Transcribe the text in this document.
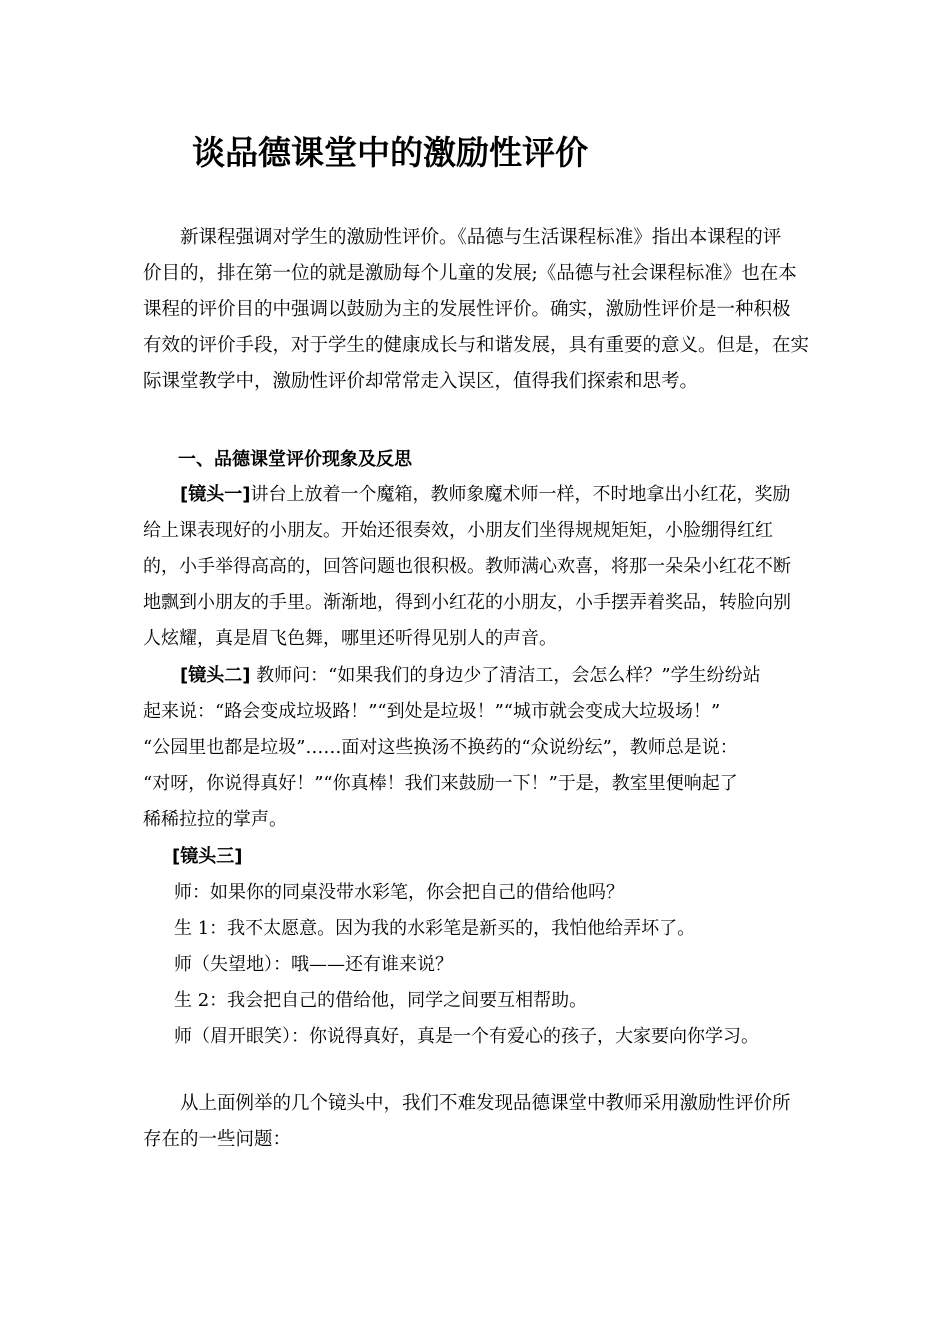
谈品德课堂中的激励性评价

新课程强调对学生的激励性评价。《品德与生活课程标准》指出本课程的评

价目的，排在第一位的就是激励每个儿童的发展;《品德与社会课程标准》也在本

课程的评价目的中强调以鼓励为主的发展性评价。确实，激励性评价是一种积极

有效的评价手段，对于学生的健康成长与和谐发展，具有重要的意义。但是，在实

际课堂教学中，激励性评价却常常走入误区，值得我们探索和思考。

一、品德课堂评价现象及反思

[镜头一]讲台上放着一个魔箱，教师象魔术师一样，不时地拿出小红花，奖励

给上课表现好的小朋友。开始还很奏效，小朋友们坐得规规矩矩，小脸绷得红红

的，小手举得高高的，回答问题也很积极。教师满心欢喜，将那一朵朵小红花不断

地飘到小朋友的手里。渐渐地，得到小红花的小朋友，小手摆弄着奖品，转脸向别

人炫耀，真是眉飞色舞，哪里还听得见别人的声音。

[镜头二] 教师问：“如果我们的身边少了清洁工，会怎么样？”学生纷纷站

起来说：“路会变成垃圾路！”“到处是垃圾！”“城市就会变成大垃圾场！”

“公园里也都是垃圾”……面对这些换汤不换药的“众说纷纭”，教师总是说：

“对呀，你说得真好！”“你真棒！我们来鼓励一下！”于是，教室里便响起了

稀稀拉拉的掌声。

[镜头三]

师：如果你的同桌没带水彩笔，你会把自己的借给他吗？

生 1：我不太愿意。因为我的水彩笔是新买的，我怕他给弄坏了。

师（失望地）：哦——还有谁来说？

生 2：我会把自己的借给他，同学之间要互相帮助。

师（眉开眼笑）：你说得真好，真是一个有爱心的孩子，大家要向你学习。

从上面例举的几个镜头中，我们不难发现品德课堂中教师采用激励性评价所

存在的一些问题：
